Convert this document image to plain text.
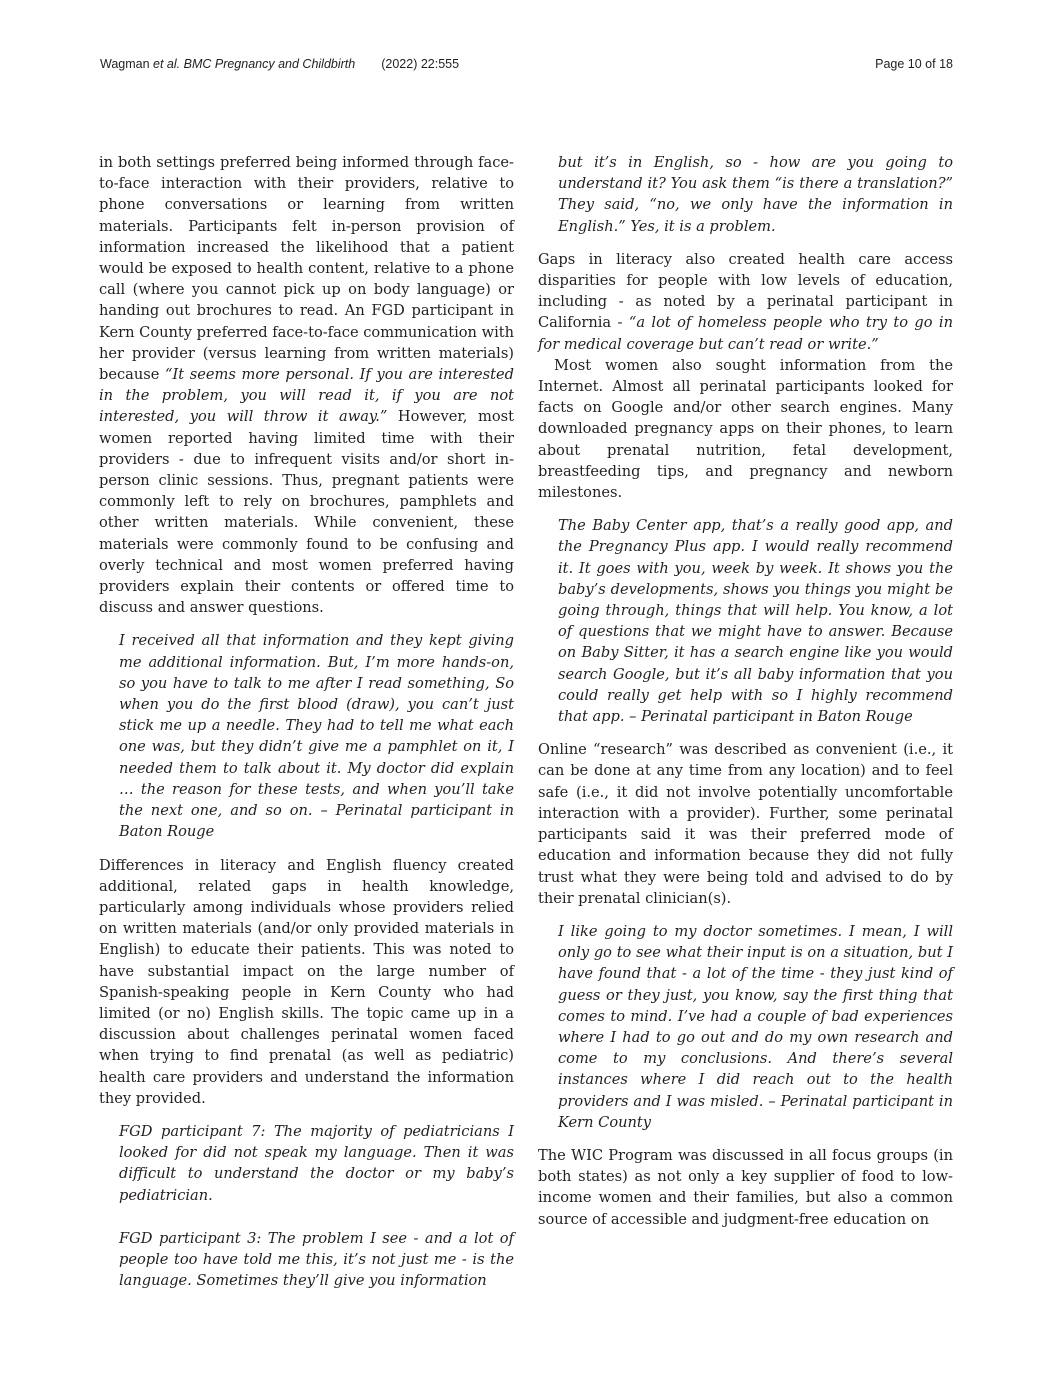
Wagman et al. BMC Pregnancy and Childbirth (2022) 22:555	Page 10 of 18

in both settings preferred being informed through face-to-face interaction with their providers, relative to phone conversations or learning from written materials. Participants felt in-person provision of information increased the likelihood that a patient would be exposed to health content, relative to a phone call (where you cannot pick up on body language) or handing out brochures to read. An FGD participant in Kern County preferred face-to-face communication with her provider (versus learning from written materials) because “It seems more personal. If you are interested in the problem, you will read it, if you are not interested, you will throw it away.” However, most women reported having limited time with their providers - due to infrequent visits and/or short in-person clinic sessions. Thus, pregnant patients were commonly left to rely on brochures, pamphlets and other written materials. While convenient, these materials were commonly found to be confusing and overly technical and most women preferred having providers explain their contents or offered time to discuss and answer questions.

I received all that information and they kept giving me additional information. But, I’m more hands-on, so you have to talk to me after I read something, So when you do the first blood (draw), you can’t just stick me up a needle. They had to tell me what each one was, but they didn’t give me a pamphlet on it, I needed them to talk about it. My doctor did explain … the reason for these tests, and when you’ll take the next one, and so on. – Perinatal participant in Baton Rouge

Differences in literacy and English fluency created additional, related gaps in health knowledge, particularly among individuals whose providers relied on written materials (and/or only provided materials in English) to educate their patients. This was noted to have substantial impact on the large number of Spanish-speaking people in Kern County who had limited (or no) English skills. The topic came up in a discussion about challenges perinatal women faced when trying to find prenatal (as well as pediatric) health care providers and understand the information they provided.

FGD participant 7: The majority of pediatricians I looked for did not speak my language. Then it was difficult to understand the doctor or my baby’s pediatrician.
FGD participant 3: The problem I see - and a lot of people too have told me this, it’s not just me - is the language. Sometimes they’ll give you information
but it’s in English, so - how are you going to understand it? You ask them “is there a translation?” They said, “no, we only have the information in English.” Yes, it is a problem.

Gaps in literacy also created health care access disparities for people with low levels of education, including - as noted by a perinatal participant in California - “a lot of homeless people who try to go in for medical coverage but can’t read or write.”

Most women also sought information from the Internet. Almost all perinatal participants looked for facts on Google and/or other search engines. Many downloaded pregnancy apps on their phones, to learn about prenatal nutrition, fetal development, breastfeeding tips, and pregnancy and newborn milestones.

The Baby Center app, that’s a really good app, and the Pregnancy Plus app. I would really recommend it. It goes with you, week by week. It shows you the baby’s developments, shows you things you might be going through, things that will help. You know, a lot of questions that we might have to answer. Because on Baby Sitter, it has a search engine like you would search Google, but it’s all baby information that you could really get help with so I highly recommend that app. – Perinatal participant in Baton Rouge

Online “research” was described as convenient (i.e., it can be done at any time from any location) and to feel safe (i.e., it did not involve potentially uncomfortable interaction with a provider). Further, some perinatal participants said it was their preferred mode of education and information because they did not fully trust what they were being told and advised to do by their prenatal clinician(s).

I like going to my doctor sometimes. I mean, I will only go to see what their input is on a situation, but I have found that - a lot of the time - they just kind of guess or they just, you know, say the first thing that comes to mind. I’ve had a couple of bad experiences where I had to go out and do my own research and come to my conclusions. And there’s several instances where I did reach out to the health providers and I was misled. – Perinatal participant in Kern County

The WIC Program was discussed in all focus groups (in both states) as not only a key supplier of food to low-income women and their families, but also a common source of accessible and judgment-free education on
